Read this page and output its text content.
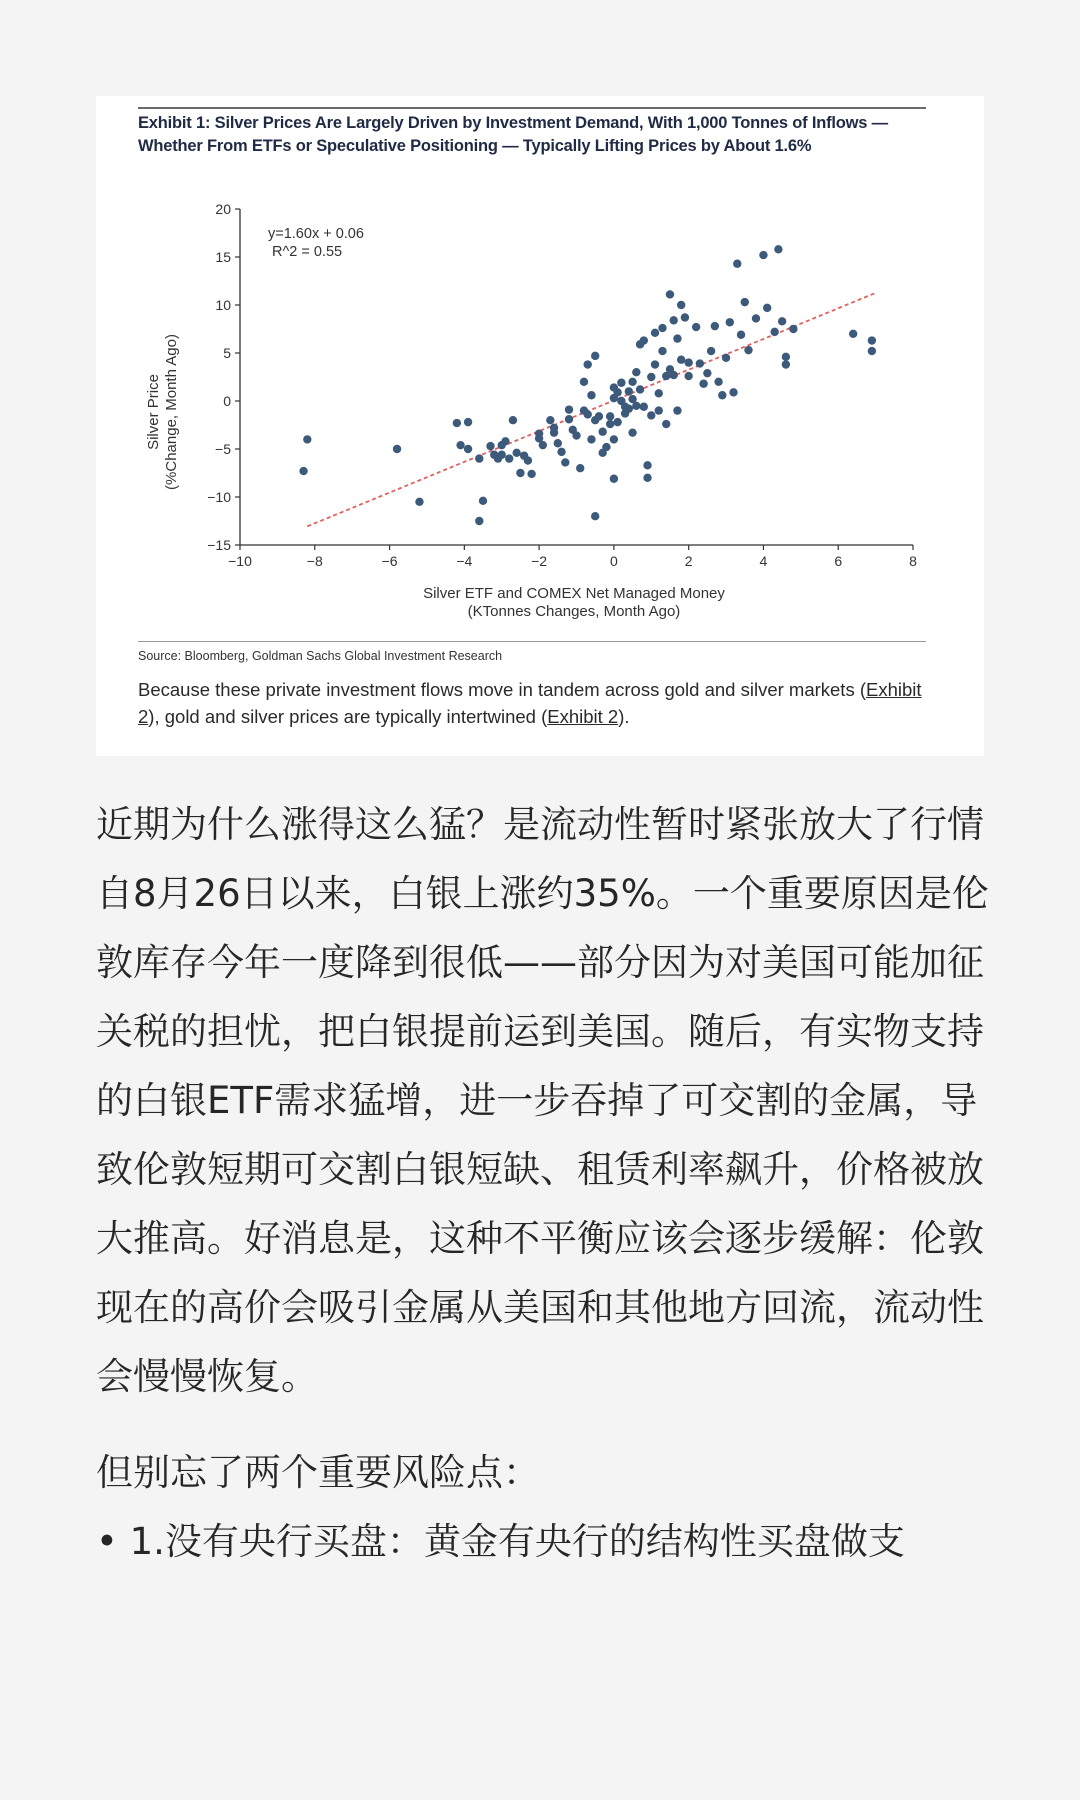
Exhibit 1: Silver Prices Are Largely Driven by Investment Demand, With 1,000 Tonnes of Inflows — Whether From ETFs or Speculative Positioning — Typically Lifting Prices by About 1.6%
−10	−8	−6	−4	−2	0	2	4	6	8
−15
−10
−5
0
5
10
15
20
y=1.60x + 0.06
R^2 = 0.55
Silver ETF and COMEX Net Managed Money
(KTonnes Changes, Month Ago)
Silver Price (%Change, Month Ago)
Source: Bloomberg, Goldman Sachs Global Investment Research
Because these private investment flows move in tandem across gold and silver markets (Exhibit 2), gold and silver prices are typically intertwined (Exhibit 2).

近期为什么涨得这么猛？是流动性暂时紧张放大了行情

自8月26日以来，白银上涨约35%。一个重要原因是伦敦库存今年一度降到很低——部分因为对美国可能加征关税的担忧，把白银提前运到美国。随后，有实物支持的白银ETF需求猛增，进一步吞掉了可交割的金属，导致伦敦短期可交割白银短缺、租赁利率飙升，价格被放大推高。好消息是，这种不平衡应该会逐步缓解：伦敦现在的高价会吸引金属从美国和其他地方回流，流动性会慢慢恢复。

但别忘了两个重要风险点：

• 1.没有央行买盘：黄金有央行的结构性买盘做支
